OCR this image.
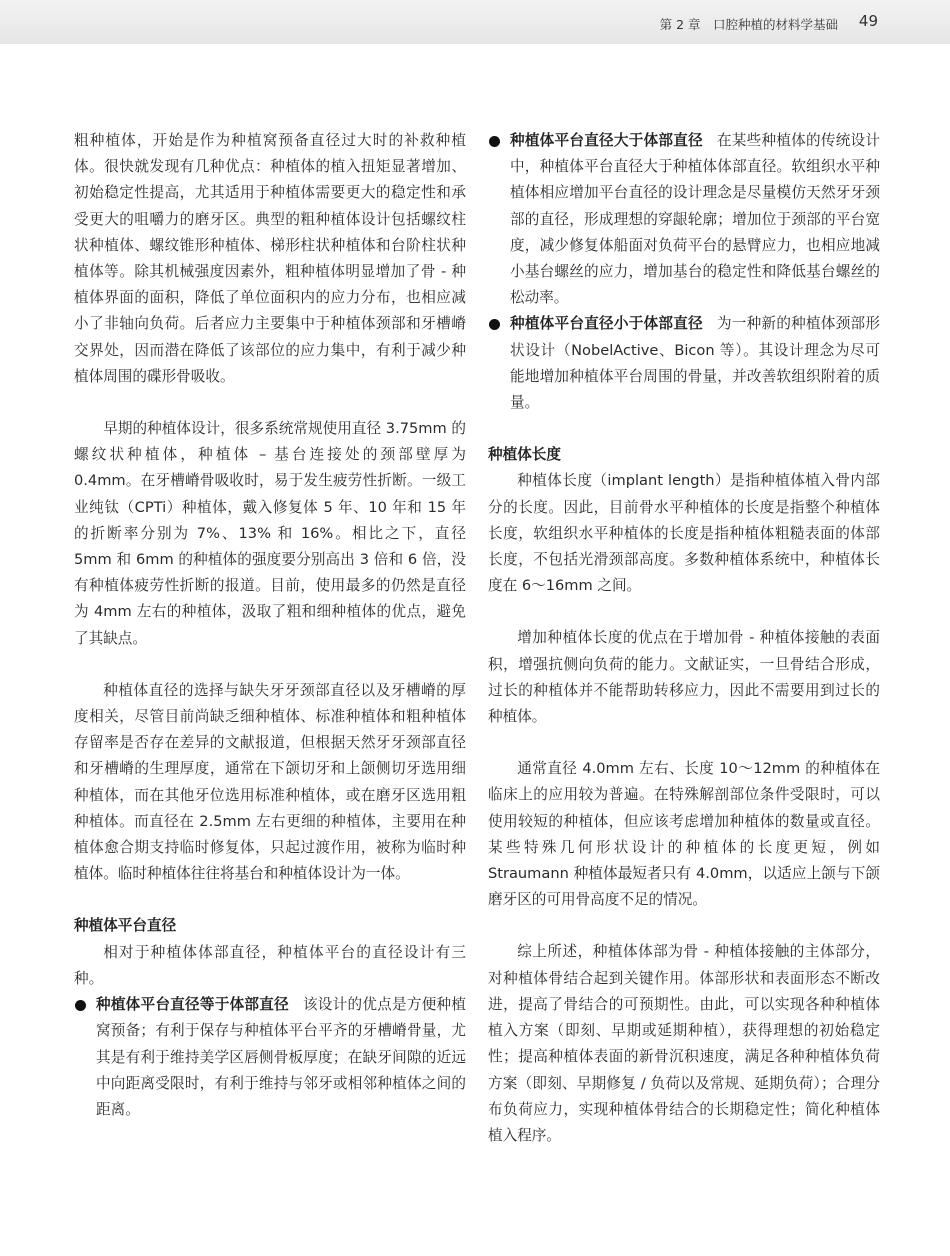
第 2 章　口腔种植的材料学基础 49

粗种植体，开始是作为种植窝预备直径过大时的补救种植体。很快就发现有几种优点：种植体的植入扭矩显著增加、初始稳定性提高，尤其适用于种植体需要更大的稳定性和承受更大的咀嚼力的磨牙区。典型的粗种植体设计包括螺纹柱状种植体、螺纹锥形种植体、梯形柱状种植体和台阶柱状种植体等。除其机械强度因素外，粗种植体明显增加了骨 - 种植体界面的面积，降低了单位面积内的应力分布，也相应减小了非轴向负荷。后者应力主要集中于种植体颈部和牙槽嵴交界处，因而潜在降低了该部位的应力集中，有利于减少种植体周围的碟形骨吸收。

早期的种植体设计，很多系统常规使用直径 3.75mm 的螺纹状种植体，种植体 – 基台连接处的颈部壁厚为 0.4mm。在牙槽嵴骨吸收时，易于发生疲劳性折断。一级工业纯钛（CPTi）种植体，戴入修复体 5 年、10 年和 15 年的折断率分别为 7%、13% 和 16%。相比之下，直径 5mm 和 6mm 的种植体的强度要分别高出 3 倍和 6 倍，没有种植体疲劳性折断的报道。目前，使用最多的仍然是直径为 4mm 左右的种植体，汲取了粗和细种植体的优点，避免了其缺点。

种植体直径的选择与缺失牙牙颈部直径以及牙槽嵴的厚度相关，尽管目前尚缺乏细种植体、标准种植体和粗种植体存留率是否存在差异的文献报道，但根据天然牙牙颈部直径和牙槽嵴的生理厚度，通常在下颌切牙和上颌侧切牙选用细种植体，而在其他牙位选用标准种植体，或在磨牙区选用粗种植体。而直径在 2.5mm 左右更细的种植体，主要用在种植体愈合期支持临时修复体，只起过渡作用，被称为临时种植体。临时种植体往往将基台和种植体设计为一体。

种植体平台直径

相对于种植体体部直径，种植体平台的直径设计有三种。

种植体平台直径等于体部直径 该设计的优点是方便种植窝预备；有利于保存与种植体平台平齐的牙槽嵴骨量，尤其是有利于维持美学区唇侧骨板厚度；在缺牙间隙的近远中向距离受限时，有利于维持与邻牙或相邻种植体之间的距离。
种植体平台直径大于体部直径 在某些种植体的传统设计中，种植体平台直径大于种植体体部直径。软组织水平种植体相应增加平台直径的设计理念是尽量模仿天然牙牙颈部的直径，形成理想的穿龈轮廓；增加位于颈部的平台宽度，减少修复体船面对负荷平台的悬臂应力，也相应地减小基台螺丝的应力，增加基台的稳定性和降低基台螺丝的松动率。
种植体平台直径小于体部直径 为一种新的种植体颈部形状设计（NobelActive、Bicon 等）。其设计理念为尽可能地增加种植体平台周围的骨量，并改善软组织附着的质量。
种植体长度

种植体长度（implant length）是指种植体植入骨内部分的长度。因此，目前骨水平种植体的长度是指整个种植体长度，软组织水平种植体的长度是指种植体粗糙表面的体部长度，不包括光滑颈部高度。多数种植体系统中，种植体长度在 6～16mm 之间。

增加种植体长度的优点在于增加骨 - 种植体接触的表面积，增强抗侧向负荷的能力。文献证实，一旦骨结合形成，过长的种植体并不能帮助转移应力，因此不需要用到过长的种植体。

通常直径 4.0mm 左右、长度 10～12mm 的种植体在临床上的应用较为普遍。在特殊解剖部位条件受限时，可以使用较短的种植体，但应该考虑增加种植体的数量或直径。某些特殊几何形状设计的种植体的长度更短，例如 Straumann 种植体最短者只有 4.0mm，以适应上颌与下颌磨牙区的可用骨高度不足的情况。

综上所述，种植体体部为骨 - 种植体接触的主体部分，对种植体骨结合起到关键作用。体部形状和表面形态不断改进，提高了骨结合的可预期性。由此，可以实现各种种植体植入方案（即刻、早期或延期种植），获得理想的初始稳定性；提高种植体表面的新骨沉积速度，满足各种种植体负荷方案（即刻、早期修复 / 负荷以及常规、延期负荷）；合理分布负荷应力，实现种植体骨结合的长期稳定性；简化种植体植入程序。
